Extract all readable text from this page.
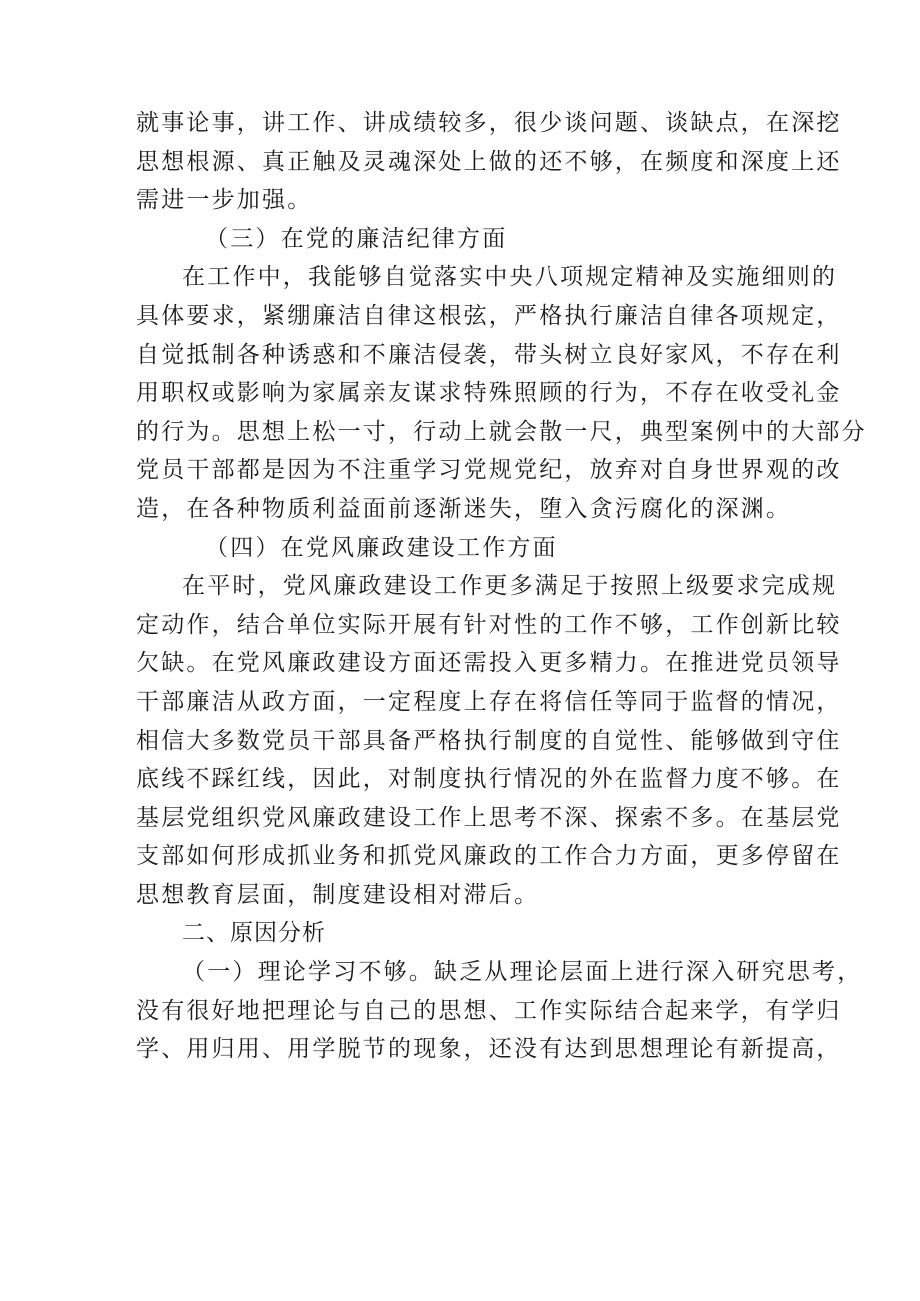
就事论事，讲工作、讲成绩较多，很少谈问题、谈缺点，在深挖
思想根源、真正触及灵魂深处上做的还不够，在频度和深度上还
需进一步加强。
（三）在党的廉洁纪律方面
在工作中，我能够自觉落实中央八项规定精神及实施细则的
具体要求，紧绷廉洁自律这根弦，严格执行廉洁自律各项规定，
自觉抵制各种诱惑和不廉洁侵袭，带头树立良好家风，不存在利
用职权或影响为家属亲友谋求特殊照顾的行为，不存在收受礼金
的行为。思想上松一寸，行动上就会散一尺，典型案例中的大部分
党员干部都是因为不注重学习党规党纪，放弃对自身世界观的改
造，在各种物质利益面前逐渐迷失，堕入贪污腐化的深渊。
（四）在党风廉政建设工作方面
在平时，党风廉政建设工作更多满足于按照上级要求完成规
定动作，结合单位实际开展有针对性的工作不够，工作创新比较
欠缺。在党风廉政建设方面还需投入更多精力。在推进党员领导
干部廉洁从政方面，一定程度上存在将信任等同于监督的情况，
相信大多数党员干部具备严格执行制度的自觉性、能够做到守住
底线不踩红线，因此，对制度执行情况的外在监督力度不够。在
基层党组织党风廉政建设工作上思考不深、探索不多。在基层党
支部如何形成抓业务和抓党风廉政的工作合力方面，更多停留在
思想教育层面，制度建设相对滞后。
二、原因分析
（一）理论学习不够。缺乏从理论层面上进行深入研究思考，
没有很好地把理论与自己的思想、工作实际结合起来学，有学归
学、用归用、用学脱节的现象，还没有达到思想理论有新提高，
